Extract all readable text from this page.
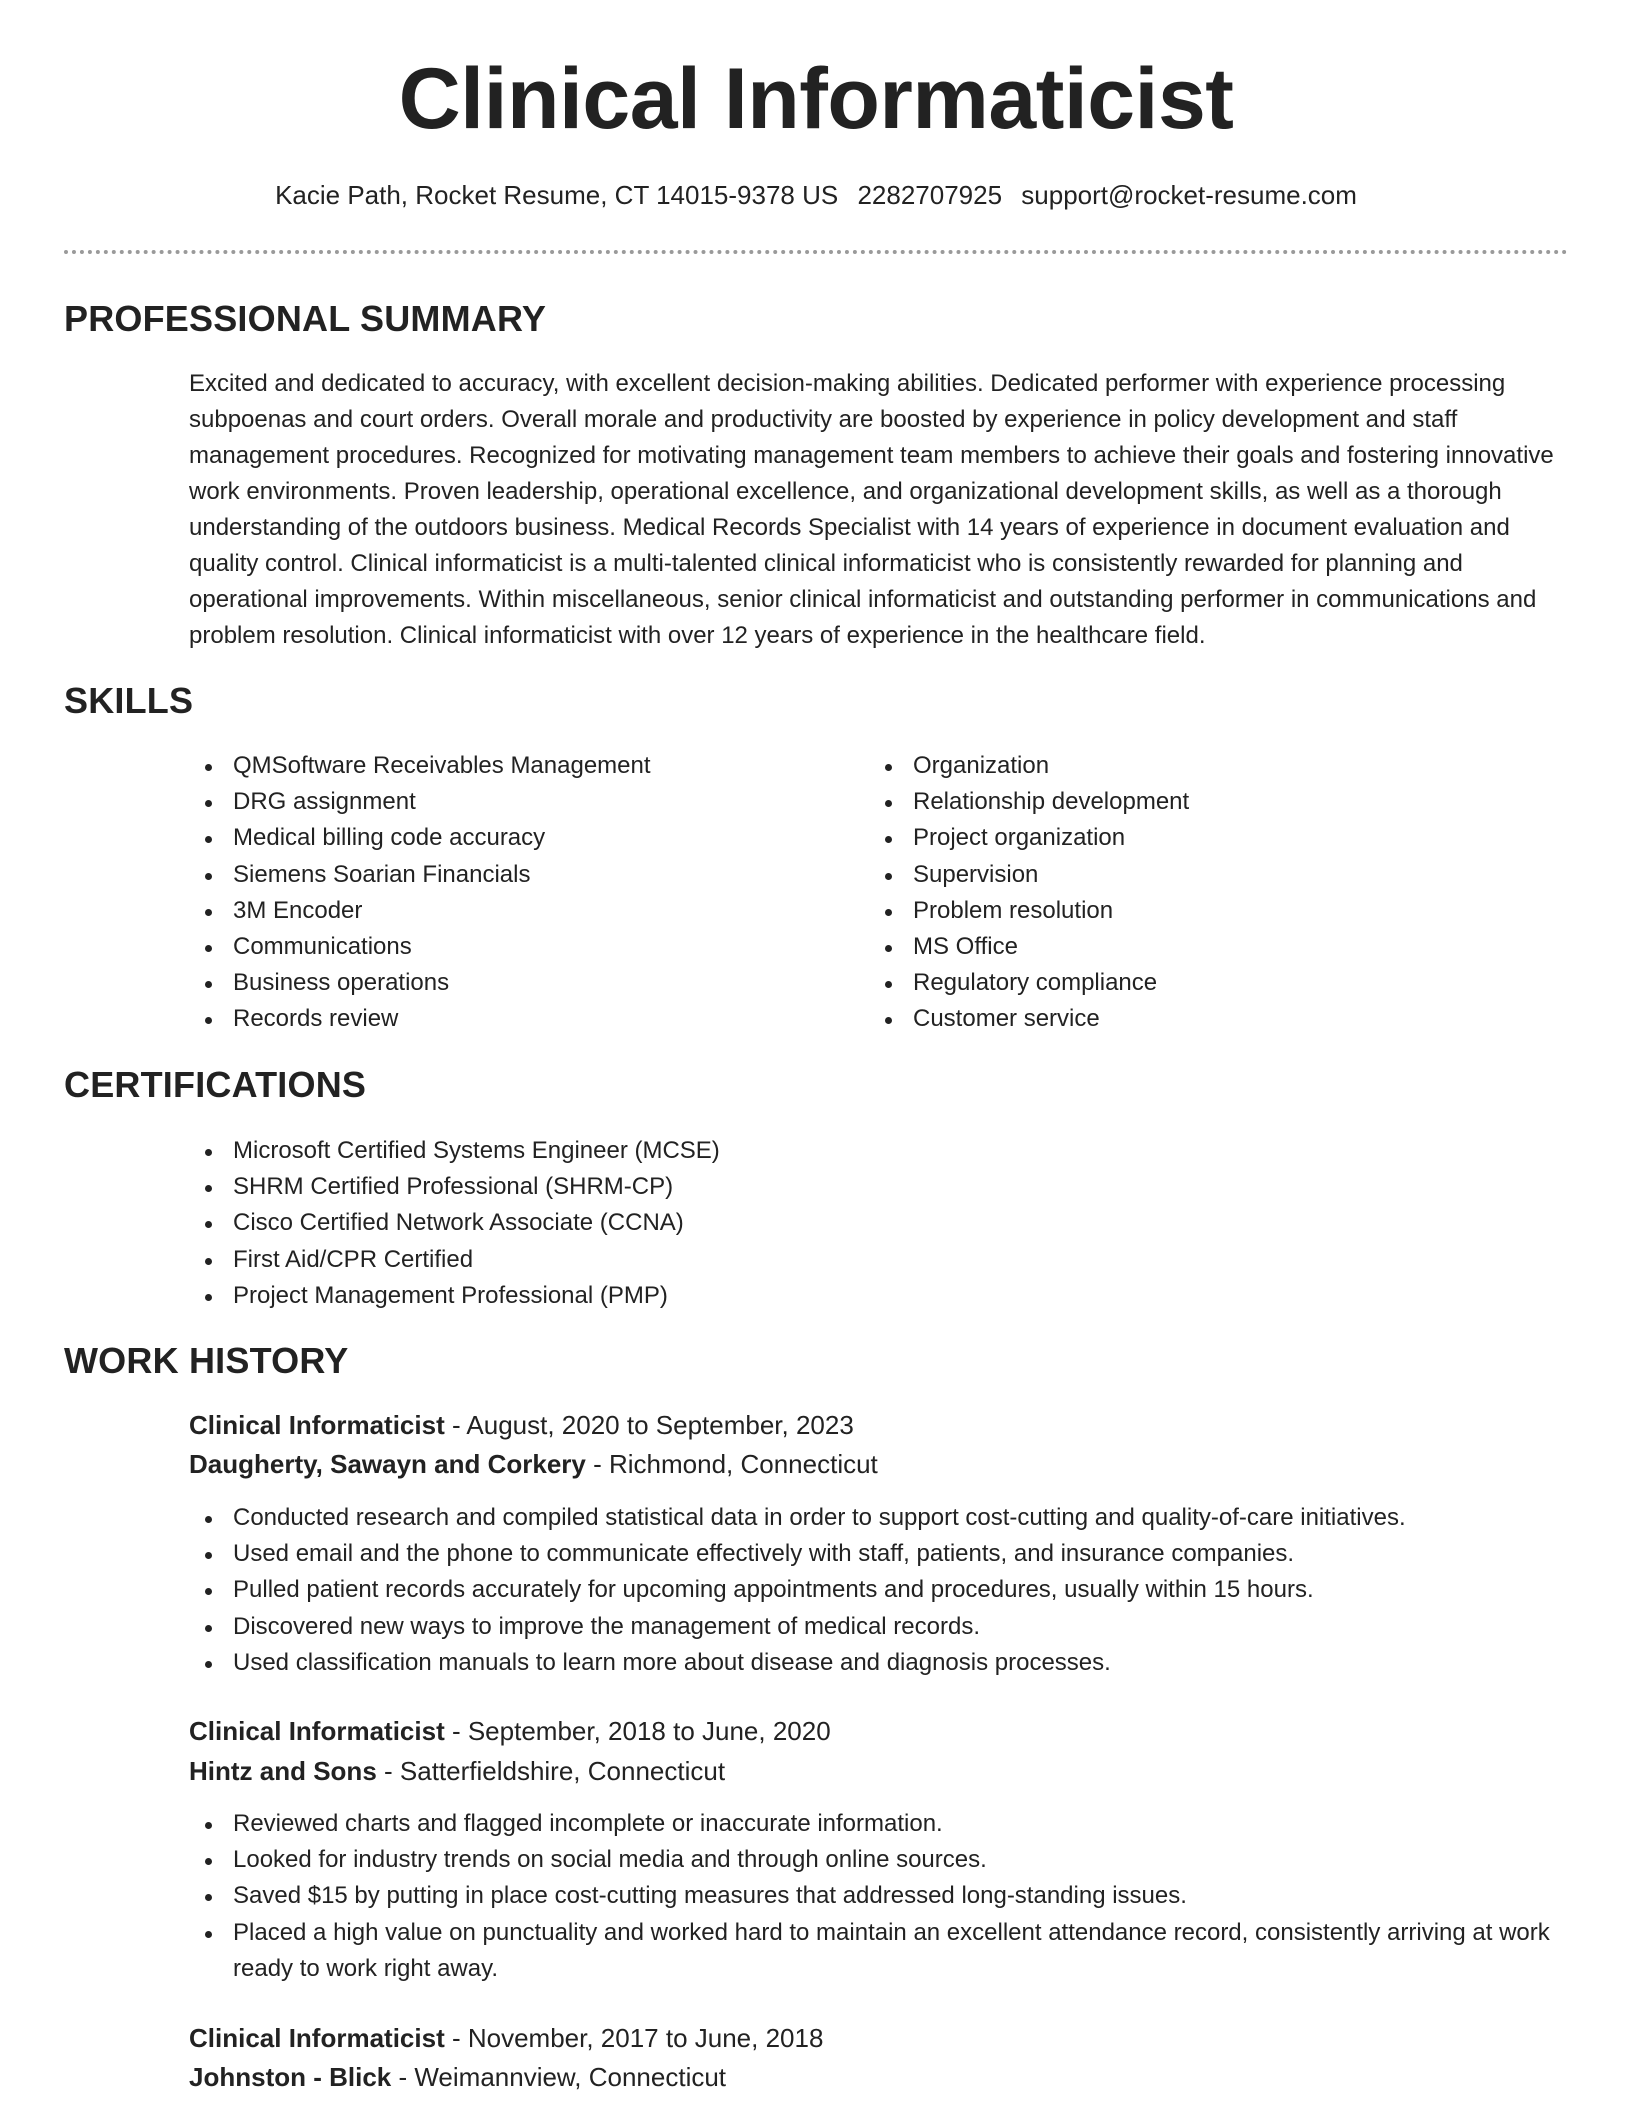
Clinical Informaticist
Kacie Path, Rocket Resume, CT 14015-9378 US 2282707925 support@rocket-resume.com
PROFESSIONAL SUMMARY
Excited and dedicated to accuracy, with excellent decision-making abilities. Dedicated performer with experience processing subpoenas and court orders. Overall morale and productivity are boosted by experience in policy development and staff management procedures. Recognized for motivating management team members to achieve their goals and fostering innovative work environments. Proven leadership, operational excellence, and organizational development skills, as well as a thorough understanding of the outdoors business. Medical Records Specialist with 14 years of experience in document evaluation and quality control. Clinical informaticist is a multi-talented clinical informaticist who is consistently rewarded for planning and operational improvements. Within miscellaneous, senior clinical informaticist and outstanding performer in communications and problem resolution. Clinical informaticist with over 12 years of experience in the healthcare field.
SKILLS
QMSoftware Receivables Management
DRG assignment
Medical billing code accuracy
Siemens Soarian Financials
3M Encoder
Communications
Business operations
Records review
Organization
Relationship development
Project organization
Supervision
Problem resolution
MS Office
Regulatory compliance
Customer service
CERTIFICATIONS
Microsoft Certified Systems Engineer (MCSE)
SHRM Certified Professional (SHRM-CP)
Cisco Certified Network Associate (CCNA)
First Aid/CPR Certified
Project Management Professional (PMP)
WORK HISTORY
Clinical Informaticist - August, 2020 to September, 2023
Daugherty, Sawayn and Corkery - Richmond, Connecticut
Conducted research and compiled statistical data in order to support cost-cutting and quality-of-care initiatives.
Used email and the phone to communicate effectively with staff, patients, and insurance companies.
Pulled patient records accurately for upcoming appointments and procedures, usually within 15 hours.
Discovered new ways to improve the management of medical records.
Used classification manuals to learn more about disease and diagnosis processes.
Clinical Informaticist - September, 2018 to June, 2020
Hintz and Sons - Satterfieldshire, Connecticut
Reviewed charts and flagged incomplete or inaccurate information.
Looked for industry trends on social media and through online sources.
Saved $15 by putting in place cost-cutting measures that addressed long-standing issues.
Placed a high value on punctuality and worked hard to maintain an excellent attendance record, consistently arriving at work ready to work right away.
Clinical Informaticist - November, 2017 to June, 2018
Johnston - Blick - Weimannview, Connecticut
